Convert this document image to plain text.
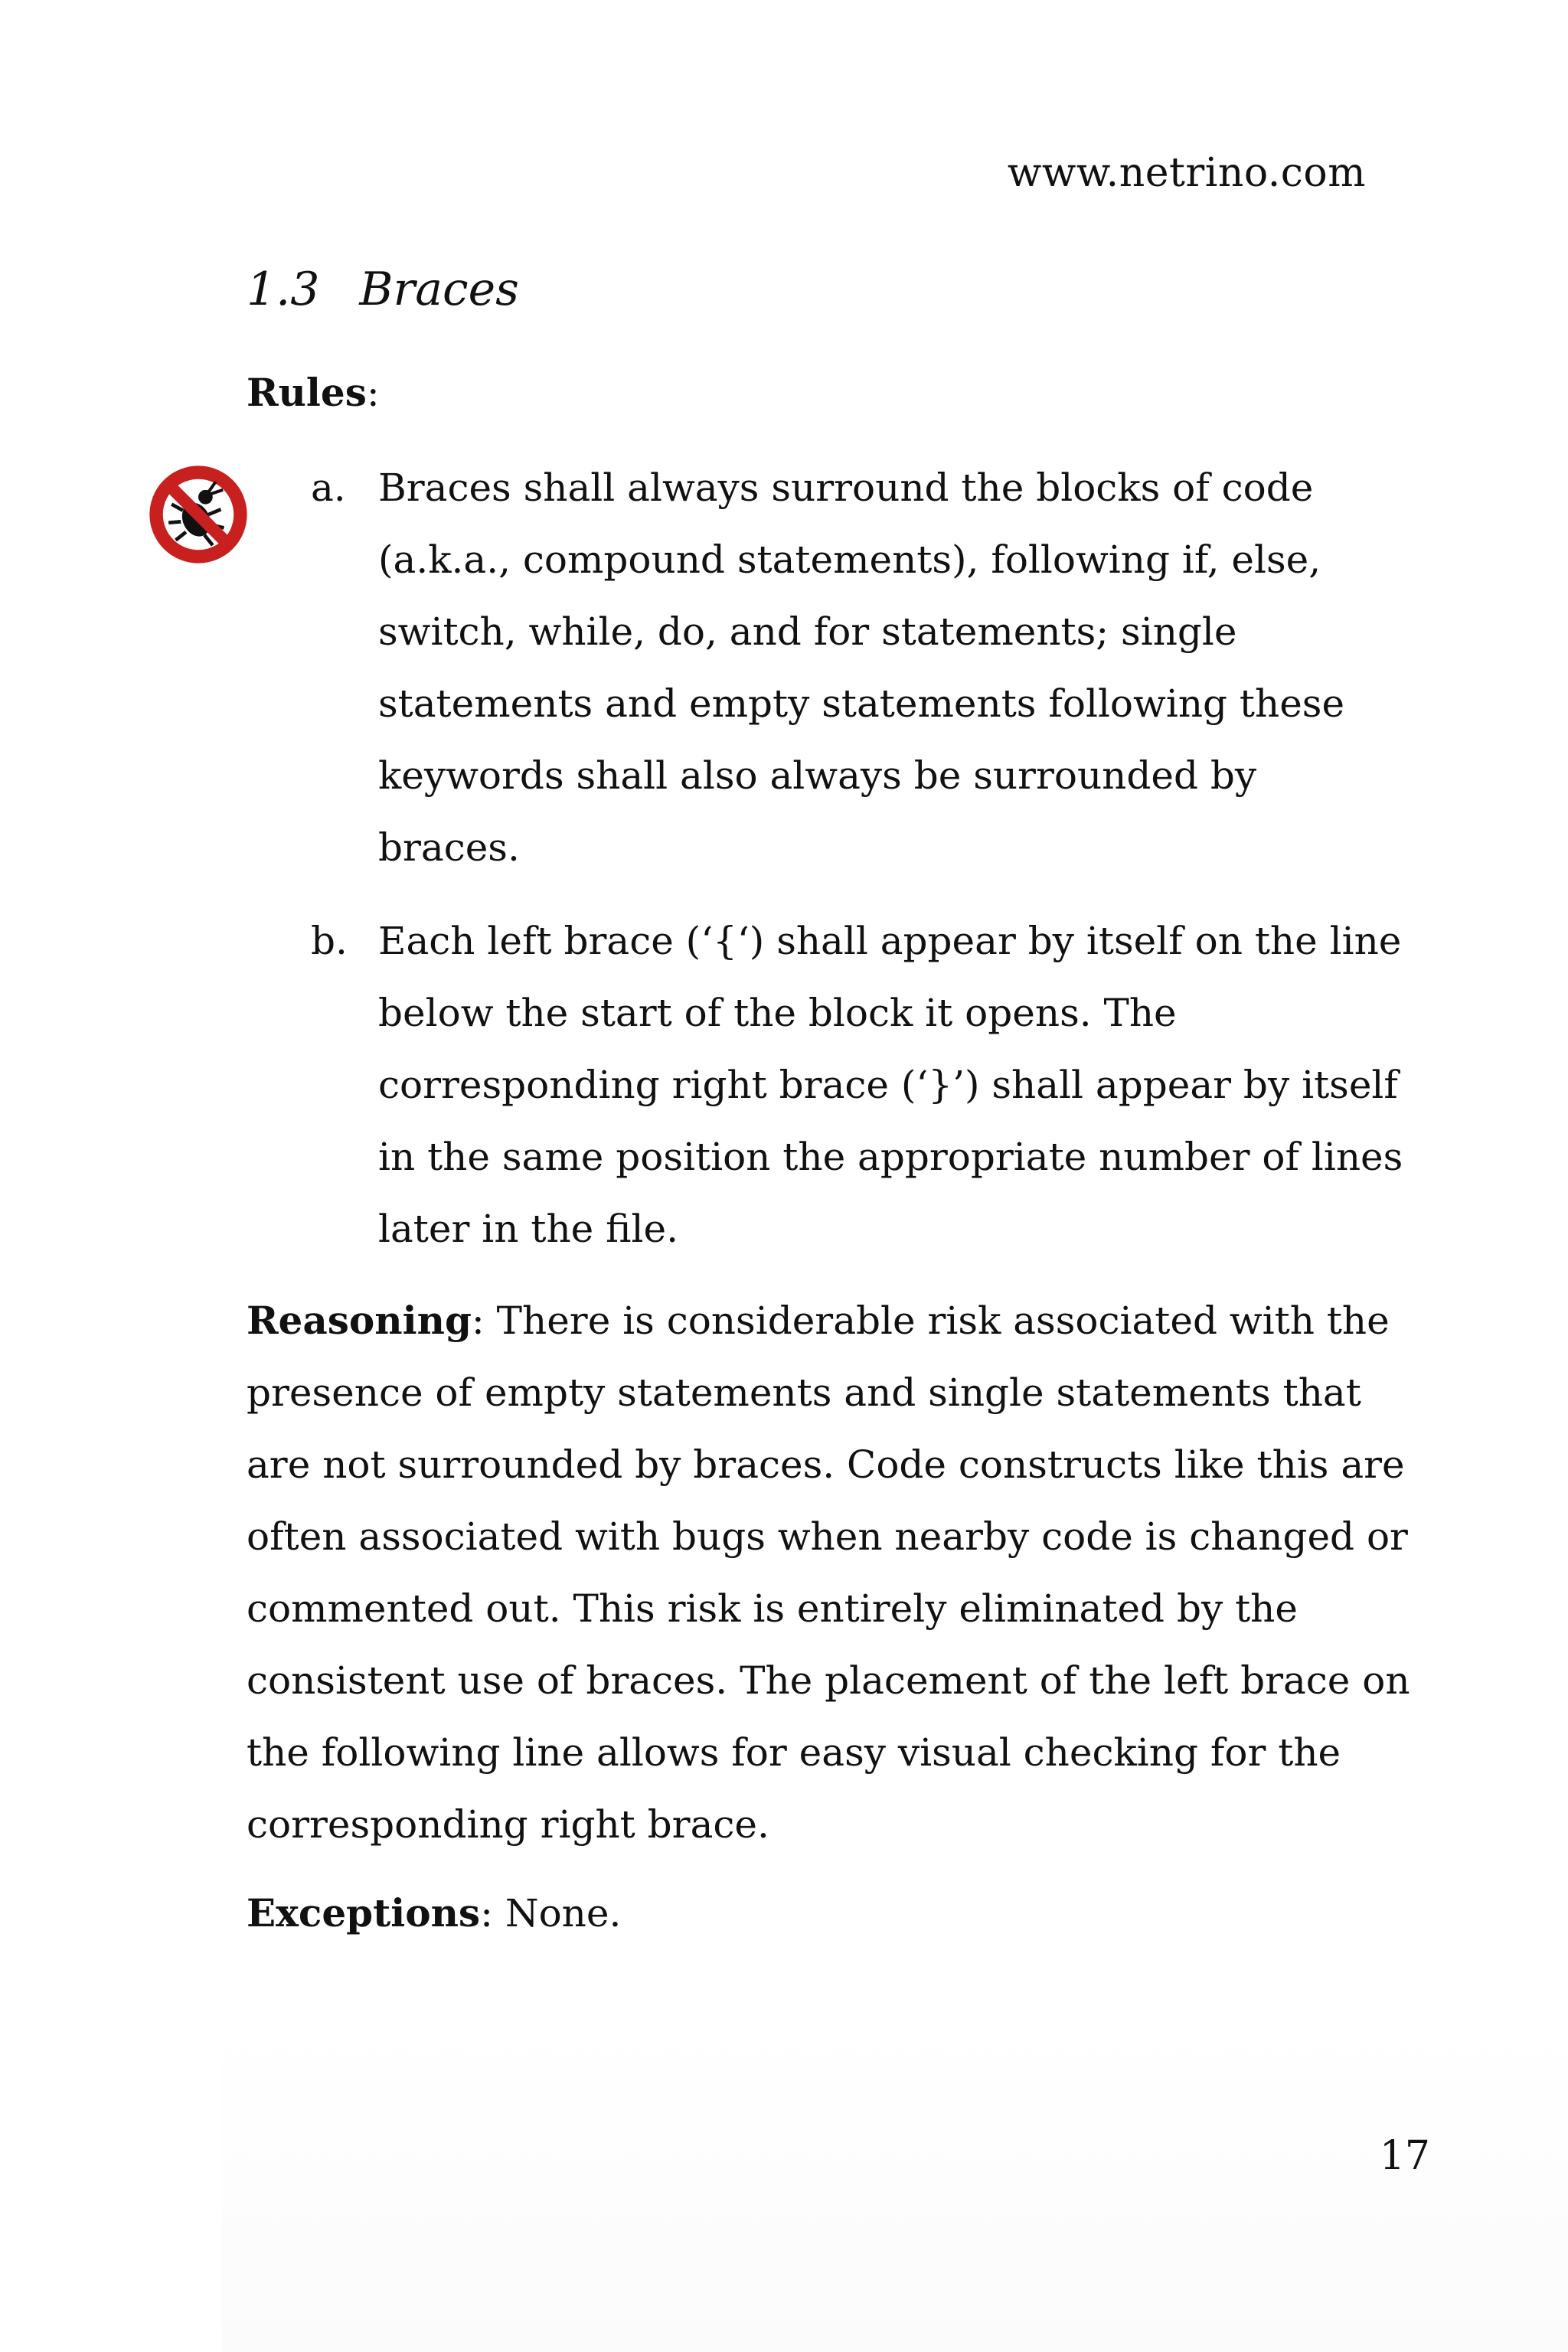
www.netrino.com
1.3 Braces
Rules:
a. Braces shall always surround the blocks of code
(a.k.a., compound statements), following if, else,
switch, while, do, and for statements; single
statements and empty statements following these
keywords shall also always be surrounded by
braces.
b. Each left brace (‘{‘) shall appear by itself on the line
below the start of the block it opens. The
corresponding right brace (‘}’) shall appear by itself
in the same position the appropriate number of lines
later in the file.
Reasoning: There is considerable risk associated with the
presence of empty statements and single statements that
are not surrounded by braces. Code constructs like this are
often associated with bugs when nearby code is changed or
commented out. This risk is entirely eliminated by the
consistent use of braces. The placement of the left brace on
the following line allows for easy visual checking for the
corresponding right brace.
Exceptions: None.
17
